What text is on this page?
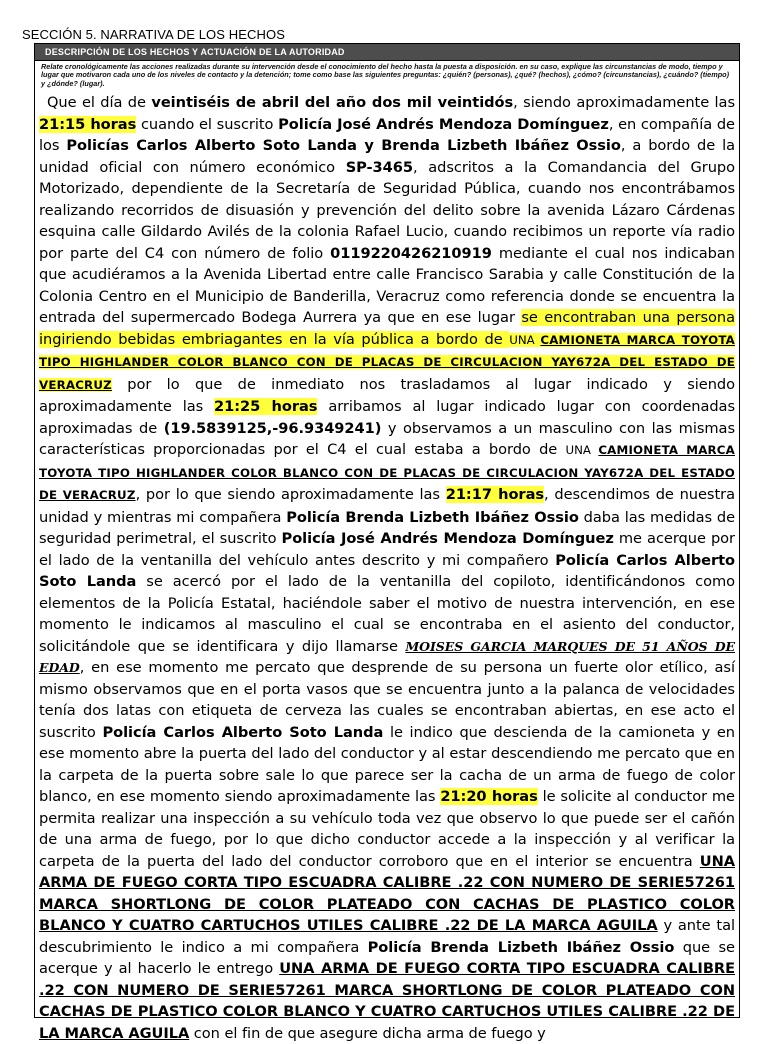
SECCIÓN 5. NARRATIVA DE LOS HECHOS

DESCRIPCIÓN DE LOS HECHOS Y ACTUACIÓN DE LA AUTORIDAD
Relate cronológicamente las acciones realizadas durante su intervención desde el conocimiento del hecho hasta la puesta a disposición. en su caso, explique las circunstancias de modo, tiempo y lugar que motivaron cada uno de los niveles de contacto y la detención; tome como base las siguientes preguntas: ¿quién? (personas), ¿qué? (hechos), ¿cómo? (circunstancias), ¿cuándo? (tiempo) y ¿dónde? (lugar).

Que el día de veintiséis de abril del año dos mil veintidós, siendo aproximadamente las 21:15 horas cuando el suscrito Policía José Andrés Mendoza Domínguez, en compañía de los Policías Carlos Alberto Soto Landa y Brenda Lizbeth Ibáñez Ossio, a bordo de la unidad oficial con número económico SP-3465, adscritos a la Comandancia del Grupo Motorizado, dependiente de la Secretaría de Seguridad Pública, cuando nos encontrábamos realizando recorridos de disuasión y prevención del delito sobre la avenida Lázaro Cárdenas esquina calle Gildardo Avilés de la colonia Rafael Lucio, cuando recibimos un reporte vía radio por parte del C4 con número de folio 0119220426210919 mediante el cual nos indicaban que acudiéramos a la Avenida Libertad entre calle Francisco Sarabia y calle Constitución de la Colonia Centro en el Municipio de Banderilla, Veracruz como referencia donde se encuentra la entrada del supermercado Bodega Aurrera ya que en ese lugar se encontraban una persona ingiriendo bebidas embriagantes en la vía pública a bordo de UNA CAMIONETA MARCA TOYOTA TIPO HIGHLANDER COLOR BLANCO CON DE PLACAS DE CIRCULACION YAY672A DEL ESTADO DE VERACRUZ por lo que de inmediato nos trasladamos al lugar indicado y siendo aproximadamente las 21:25 horas arribamos al lugar indicado lugar con coordenadas aproximadas de (19.5839125,-96.9349241) y observamos a un masculino con las mismas características proporcionadas por el C4 el cual estaba a bordo de UNA CAMIONETA MARCA TOYOTA TIPO HIGHLANDER COLOR BLANCO CON DE PLACAS DE CIRCULACION YAY672A DEL ESTADO DE VERACRUZ, por lo que siendo aproximadamente las 21:17 horas, descendimos de nuestra unidad y mientras mi compañera Policía Brenda Lizbeth Ibáñez Ossio daba las medidas de seguridad perimetral, el suscrito Policía José Andrés Mendoza Domínguez me acerque por el lado de la ventanilla del vehículo antes descrito y mi compañero Policía Carlos Alberto Soto Landa se acercó por el lado de la ventanilla del copiloto, identificándonos como elementos de la Policía Estatal, haciéndole saber el motivo de nuestra intervención, en ese momento le indicamos al masculino el cual se encontraba en el asiento del conductor, solicitándole que se identificara y dijo llamarse MOISES GARCIA MARQUES DE 51 AÑOS DE EDAD, en ese momento me percato que desprende de su persona un fuerte olor etílico, así mismo observamos que en el porta vasos que se encuentra junto a la palanca de velocidades tenía dos latas con etiqueta de cerveza las cuales se encontraban abiertas, en ese acto el suscrito Policía Carlos Alberto Soto Landa le indico que descienda de la camioneta y en ese momento abre la puerta del lado del conductor y al estar descendiendo me percato que en la carpeta de la puerta sobre sale lo que parece ser la cacha de un arma de fuego de color blanco, en ese momento siendo aproximadamente las 21:20 horas le solicite al conductor me permita realizar una inspección a su vehículo toda vez que observo lo que puede ser el cañón de una arma de fuego, por lo que dicho conductor accede a la inspección y al verificar la carpeta de la puerta del lado del conductor corroboro que en el interior se encuentra UNA ARMA DE FUEGO CORTA TIPO ESCUADRA CALIBRE .22 CON NUMERO DE SERIE57261 MARCA SHORTLONG DE COLOR PLATEADO CON CACHAS DE PLASTICO COLOR BLANCO Y CUATRO CARTUCHOS UTILES CALIBRE .22 DE LA MARCA AGUILA y ante tal descubrimiento le indico a mi compañera Policía Brenda Lizbeth Ibáñez Ossio que se acerque y al hacerlo le entrego UNA ARMA DE FUEGO CORTA TIPO ESCUADRA CALIBRE .22 CON NUMERO DE SERIE57261 MARCA SHORTLONG DE COLOR PLATEADO CON CACHAS DE PLASTICO COLOR BLANCO Y CUATRO CARTUCHOS UTILES CALIBRE .22 DE LA MARCA AGUILA con el fin de que asegure dicha arma de fuego y
